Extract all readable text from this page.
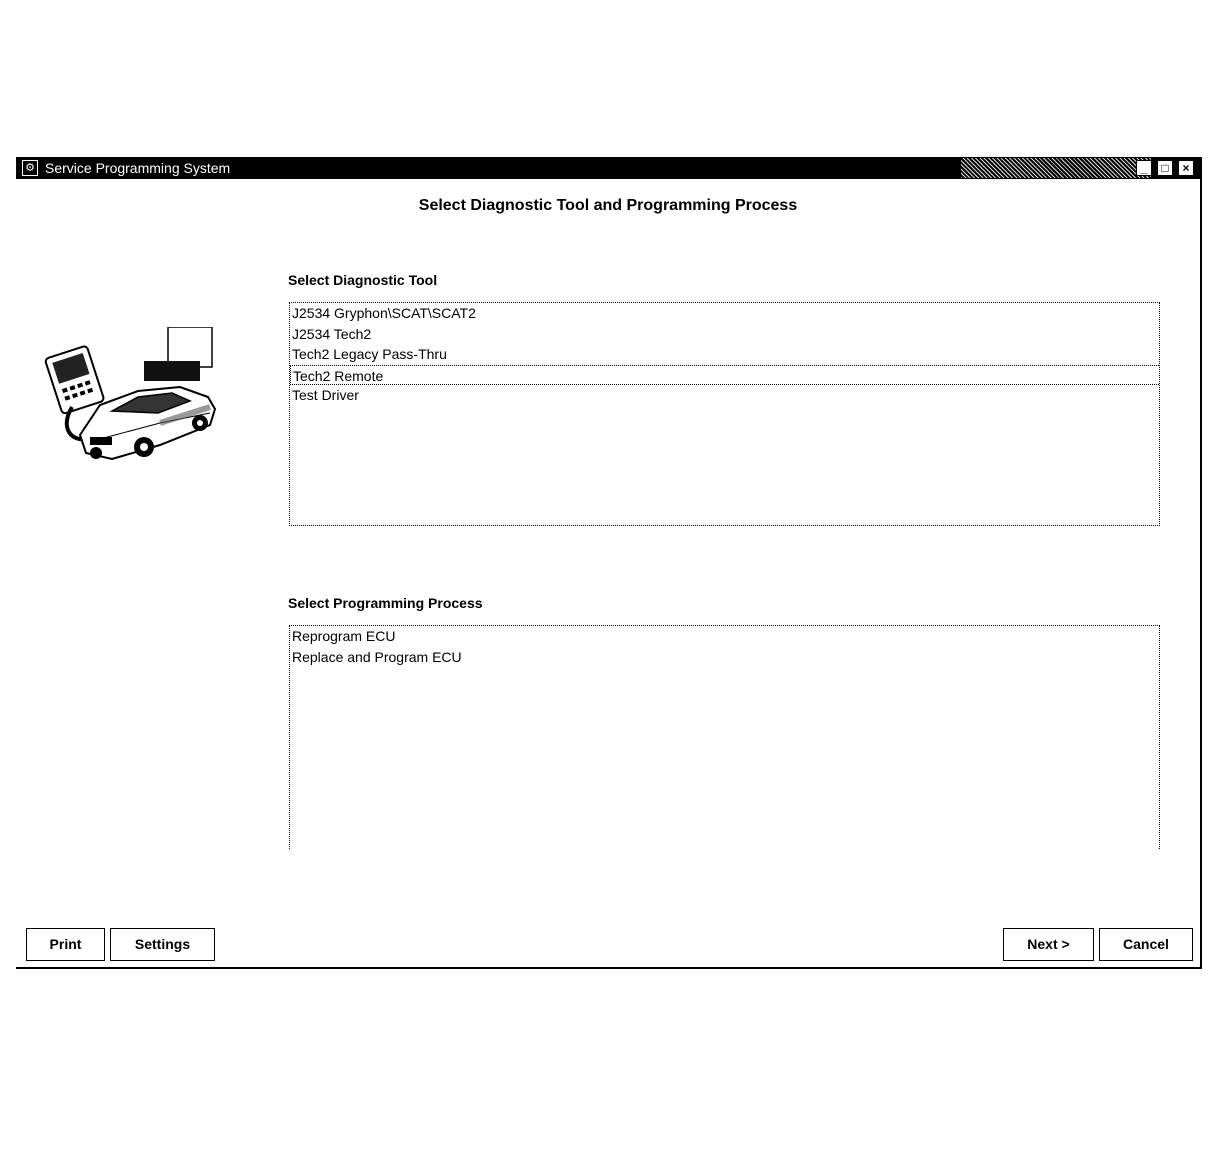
⚙ Service Programming System	_	□	×
Select Diagnostic Tool and Programming Process
Select Diagnostic Tool
J2534 Gryphon\SCAT\SCAT2
J2534 Tech2
Tech2 Legacy Pass-Thru
Tech2 Remote
Test Driver
Select Programming Process
Reprogram ECU
Replace and Program ECU
Print	Settings	Next >	Cancel
